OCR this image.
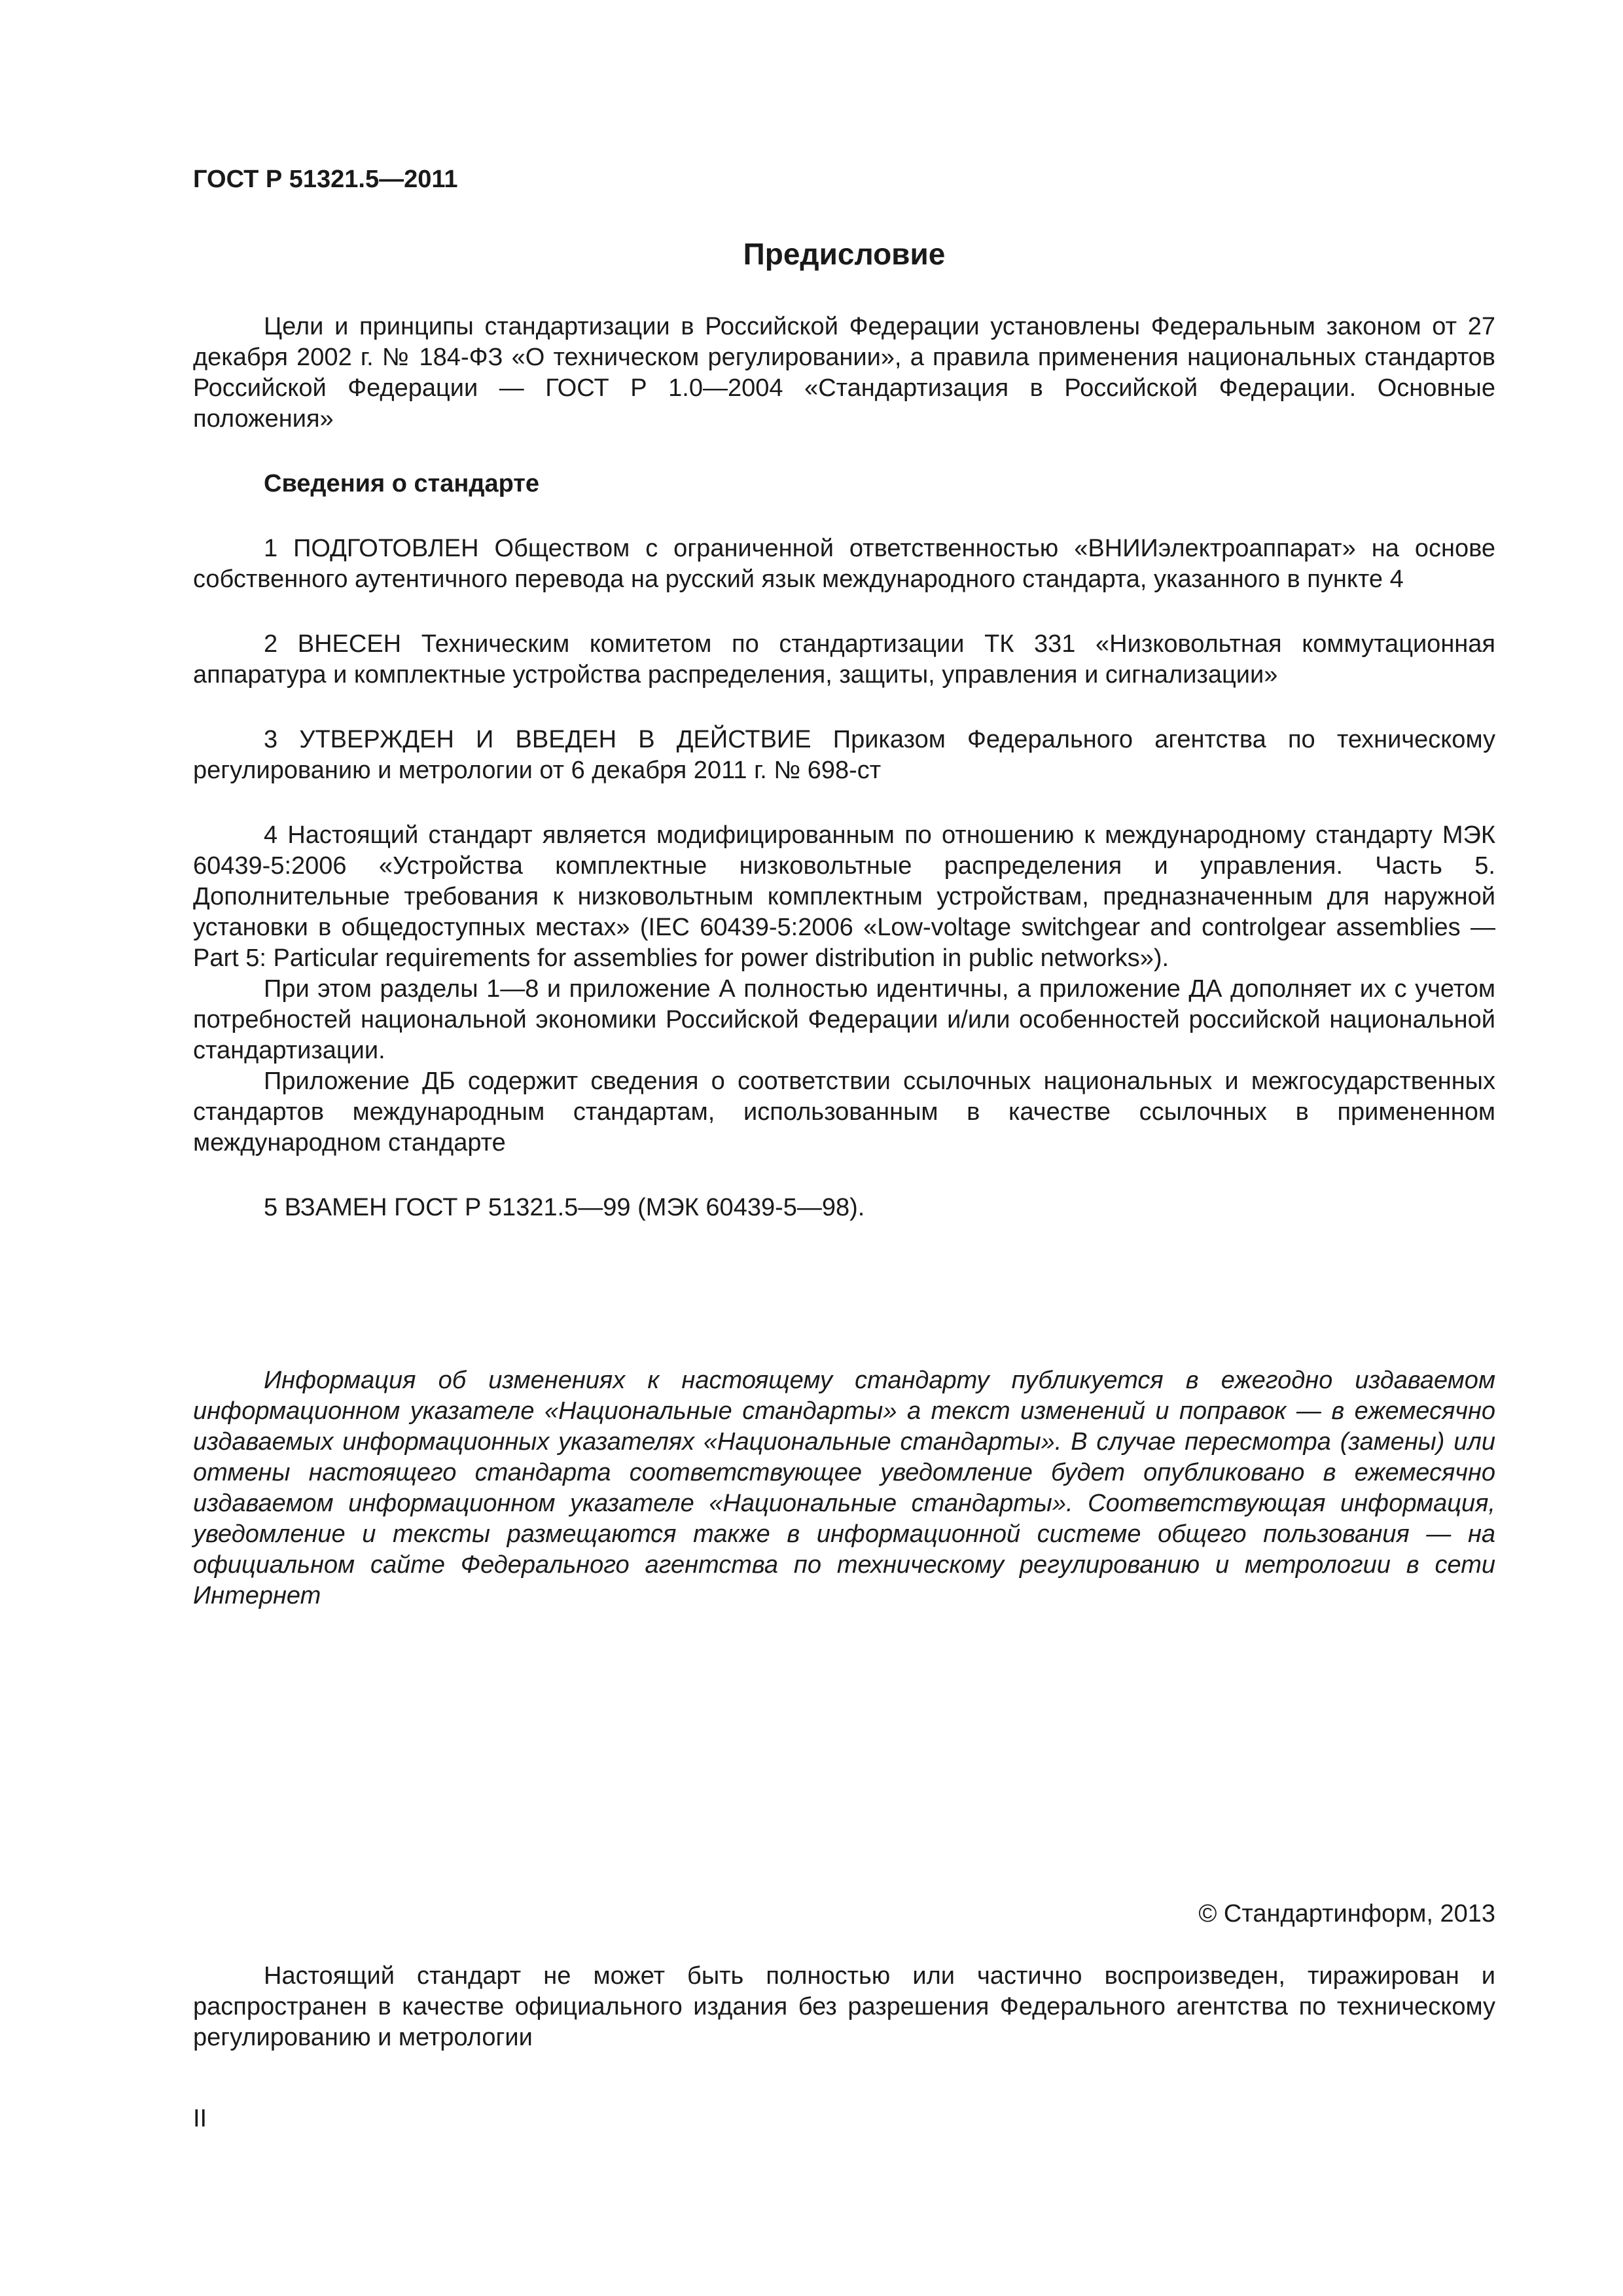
ГОСТ Р 51321.5—2011
Предисловие

Цели и принципы стандартизации в Российской Федерации установлены Федеральным законом от 27 декабря 2002 г. № 184-ФЗ «О техническом регулировании», а правила применения национальных стандартов Российской Федерации — ГОСТ Р 1.0—2004 «Стандартизация в Российской Федерации. Основные положения»

Сведения о стандарте

1 ПОДГОТОВЛЕН Обществом с ограниченной ответственностью «ВНИИэлектроаппарат» на основе собственного аутентичного перевода на русский язык международного стандарта, указанного в пункте 4

2 ВНЕСЕН Техническим комитетом по стандартизации ТК 331 «Низковольтная коммутационная аппаратура и комплектные устройства распределения, защиты, управления и сигнализации»

3 УТВЕРЖДЕН И ВВЕДЕН В ДЕЙСТВИЕ Приказом Федерального агентства по техническому регулированию и метрологии от 6 декабря 2011 г. № 698-ст

4 Настоящий стандарт является модифицированным по отношению к международному стандарту МЭК 60439-5:2006 «Устройства комплектные низковольтные распределения и управления. Часть 5. Дополнительные требования к низковольтным комплектным устройствам, предназначенным для наружной установки в общедоступных местах» (IEC 60439-5:2006 «Low-voltage switchgear and controlgear assemblies — Part 5: Particular requirements for assemblies for power distribution in public networks»).

При этом разделы 1—8 и приложение А полностью идентичны, а приложение ДА дополняет их с учетом потребностей национальной экономики Российской Федерации и/или особенностей российской национальной стандартизации.

Приложение ДБ содержит сведения о соответствии ссылочных национальных и межгосударственных стандартов международным стандартам, использованным в качестве ссылочных в примененном международном стандарте

5 ВЗАМЕН ГОСТ Р 51321.5—99 (МЭК 60439-5—98).

Информация об изменениях к настоящему стандарту публикуется в ежегодно издаваемом информационном указателе «Национальные стандарты» а текст изменений и поправок — в ежемесячно издаваемых информационных указателях «Национальные стандарты». В случае пересмотра (замены) или отмены настоящего стандарта соответствующее уведомление будет опубликовано в ежемесячно издаваемом информационном указателе «Национальные стандарты». Соответствующая информация, уведомление и тексты размещаются также в информационной системе общего пользования — на официальном сайте Федерального агентства по техническому регулированию и метрологии в сети Интернет

© Стандартинформ, 2013

Настоящий стандарт не может быть полностью или частично воспроизведен, тиражирован и распространен в качестве официального издания без разрешения Федерального агентства по техническому регулированию и метрологии

II
